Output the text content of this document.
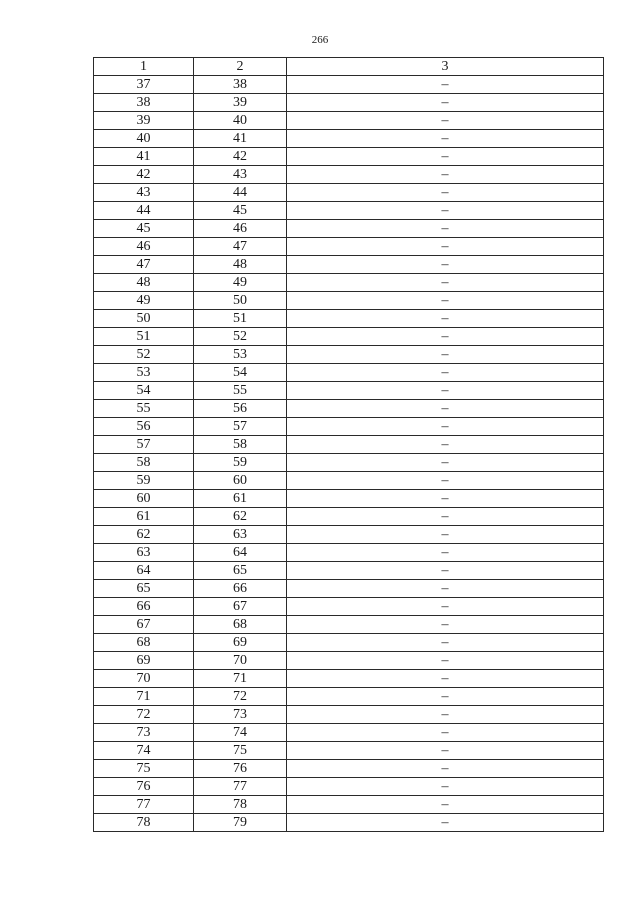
266
1	2	3
37	38	–
38	39	–
39	40	–
40	41	–
41	42	–
42	43	–
43	44	–
44	45	–
45	46	–
46	47	–
47	48	–
48	49	–
49	50	–
50	51	–
51	52	–
52	53	–
53	54	–
54	55	–
55	56	–
56	57	–
57	58	–
58	59	–
59	60	–
60	61	–
61	62	–
62	63	–
63	64	–
64	65	–
65	66	–
66	67	–
67	68	–
68	69	–
69	70	–
70	71	–
71	72	–
72	73	–
73	74	–
74	75	–
75	76	–
76	77	–
77	78	–
78	79	–
